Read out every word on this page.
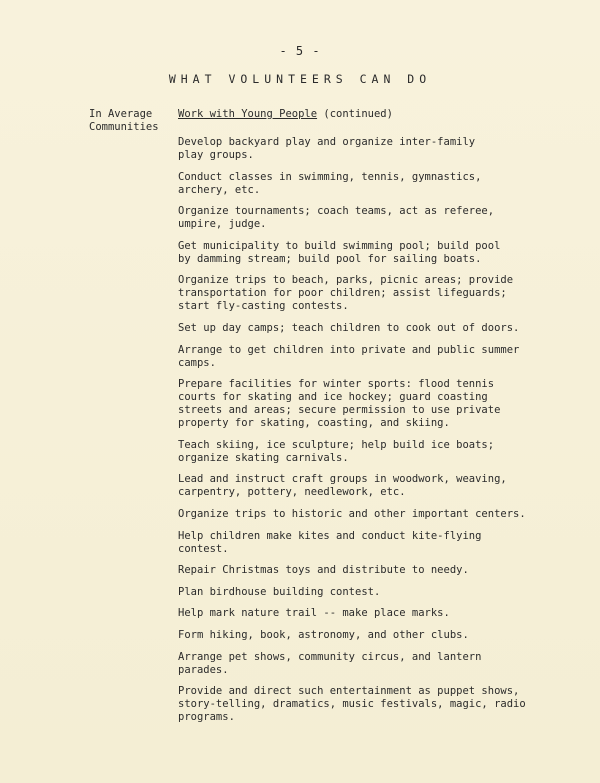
- 5 -
WHAT VOLUNTEERS CAN DO
In Average
Communities
Work with Young People (continued)
Develop backyard play and organize inter-family
play groups.
Conduct classes in swimming, tennis, gymnastics,
archery, etc.
Organize tournaments; coach teams, act as referee,
umpire, judge.
Get municipality to build swimming pool; build pool
by damming stream; build pool for sailing boats.
Organize trips to beach, parks, picnic areas; provide
transportation for poor children; assist lifeguards;
start fly-casting contests.
Set up day camps; teach children to cook out of doors.
Arrange to get children into private and public summer
camps.
Prepare facilities for winter sports: flood tennis
courts for skating and ice hockey; guard coasting
streets and areas; secure permission to use private
property for skating, coasting, and skiing.
Teach skiing, ice sculpture; help build ice boats;
organize skating carnivals.
Lead and instruct craft groups in woodwork, weaving,
carpentry, pottery, needlework, etc.
Organize trips to historic and other important centers.
Help children make kites and conduct kite-flying
contest.
Repair Christmas toys and distribute to needy.
Plan birdhouse building contest.
Help mark nature trail -- make place marks.
Form hiking, book, astronomy, and other clubs.
Arrange pet shows, community circus, and lantern parades.
Provide and direct such entertainment as puppet shows,
story-telling, dramatics, music festivals, magic, radio
programs.
